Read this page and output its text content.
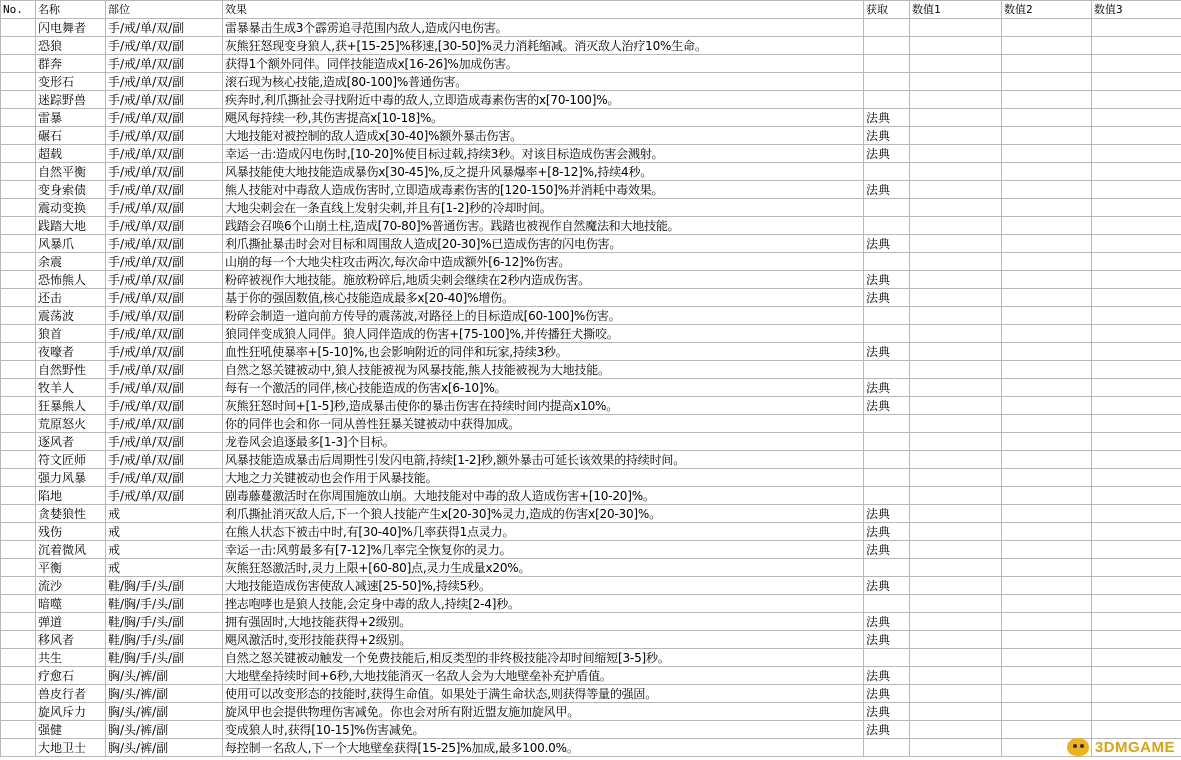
No.	名称	部位	效果	获取	数值1	数值2	数值3
	闪电舞者	手/戒/单/双/副	雷暴暴击生成3个霹雳追寻范围内敌人,造成闪电伤害。				
	恐狼	手/戒/单/双/副	灰熊狂怒现变身狼人,获+[15-25]%移速,[30-50]%灵力消耗缩减。消灭敌人治疗10%生命。				
	群奔	手/戒/单/双/副	获得1个额外同伴。同伴技能造成x[16-26]%加成伤害。				
	变形石	手/戒/单/双/副	滚石现为核心技能,造成[80-100]%普通伤害。				
	迷踪野兽	手/戒/单/双/副	疾奔时,利爪撕扯会寻找附近中毒的敌人,立即造成毒素伤害的x[70-100]%。				
	雷暴	手/戒/单/双/副	飓风每持续一秒,其伤害提高x[10-18]%。	法典			
	碾石	手/戒/单/双/副	大地技能对被控制的敌人造成x[30-40]%额外暴击伤害。	法典			
	超载	手/戒/单/双/副	幸运一击:造成闪电伤时,[10-20]%使目标过载,持续3秒。对该目标造成伤害会溅射。	法典			
	自然平衡	手/戒/单/双/副	风暴技能使大地技能造成暴伤x[30-45]%,反之提升风暴爆率+[8-12]%,持续4秒。				
	变身索债	手/戒/单/双/副	熊人技能对中毒敌人造成伤害时,立即造成毒素伤害的[120-150]%并消耗中毒效果。	法典			
	震动变换	手/戒/单/双/副	大地尖刺会在一条直线上发射尖刺,并且有[1-2]秒的冷却时间。				
	践踏大地	手/戒/单/双/副	践踏会召唤6个山崩土柱,造成[70-80]%普通伤害。践踏也被视作自然魔法和大地技能。				
	风暴爪	手/戒/单/双/副	利爪撕扯暴击时会对目标和周围敌人造成[20-30]%已造成伤害的闪电伤害。	法典			
	余震	手/戒/单/双/副	山崩的每一个大地尖柱攻击两次,每次命中造成额外[6-12]%伤害。				
	恐怖熊人	手/戒/单/双/副	粉碎被视作大地技能。施放粉碎后,地质尖刺会继续在2秒内造成伤害。	法典			
	还击	手/戒/单/双/副	基于你的强固数值,核心技能造成最多x[20-40]%增伤。	法典			
	震荡波	手/戒/单/双/副	粉碎会制造一道向前方传导的震荡波,对路径上的目标造成[60-100]%伤害。				
	狼首	手/戒/单/双/副	狼同伴变成狼人同伴。狼人同伴造成的伤害+[75-100]%,并传播狂犬撕咬。				
	夜嚎者	手/戒/单/双/副	血性狂吼使暴率+[5-10]%,也会影响附近的同伴和玩家,持续3秒。	法典			
	自然野性	手/戒/单/双/副	自然之怒关键被动中,狼人技能被视为风暴技能,熊人技能被视为大地技能。				
	牧羊人	手/戒/单/双/副	每有一个激活的同伴,核心技能造成的伤害x[6-10]%。	法典			
	狂暴熊人	手/戒/单/双/副	灰熊狂怒时间+[1-5]秒,造成暴击使你的暴击伤害在持续时间内提高x10%。	法典			
	荒原怒火	手/戒/单/双/副	你的同伴也会和你一同从兽性狂暴关键被动中获得加成。				
	逐风者	手/戒/单/双/副	龙卷风会追逐最多[1-3]个目标。				
	符文匠师	手/戒/单/双/副	风暴技能造成暴击后周期性引发闪电箭,持续[1-2]秒,额外暴击可延长该效果的持续时间。				
	强力风暴	手/戒/单/双/副	大地之力关键被动也会作用于风暴技能。				
	陷地	手/戒/单/双/副	剧毒藤蔓激活时在你周围施放山崩。大地技能对中毒的敌人造成伤害+[10-20]%。				
	贪婪狼性	戒	利爪撕扯消灭敌人后,下一个狼人技能产生x[20-30]%灵力,造成的伤害x[20-30]%。	法典			
	残伤	戒	在熊人状态下被击中时,有[30-40]%几率获得1点灵力。	法典			
	沉着微风	戒	幸运一击:风剪最多有[7-12]%几率完全恢复你的灵力。	法典			
	平衡	戒	灰熊狂怒激活时,灵力上限+[60-80]点,灵力生成量x20%。				
	流沙	鞋/胸/手/头/副	大地技能造成伤害使敌人减速[25-50]%,持续5秒。	法典			
	暗噬	鞋/胸/手/头/副	挫志咆哮也是狼人技能,会定身中毒的敌人,持续[2-4]秒。				
	弹道	鞋/胸/手/头/副	拥有强固时,大地技能获得+2级别。	法典			
	移风者	鞋/胸/手/头/副	飓风激活时,变形技能获得+2级别。	法典			
	共生	鞋/胸/手/头/副	自然之怒关键被动触发一个免费技能后,相反类型的非终极技能冷却时间缩短[3-5]秒。				
	疗愈石	胸/头/裤/副	大地壁垒持续时间+6秒,大地技能消灭一名敌人会为大地壁垒补充护盾值。	法典			
	兽皮行者	胸/头/裤/副	使用可以改变形态的技能时,获得生命值。如果处于满生命状态,则获得等量的强固。	法典			
	旋风斥力	胸/头/裤/副	旋风甲也会提供物理伤害减免。你也会对所有附近盟友施加旋风甲。	法典			
	强健	胸/头/裤/副	变成狼人时,获得[10-15]%伤害减免。	法典			
	大地卫士	胸/头/裤/副	每控制一名敌人,下一个大地壁垒获得[15-25]%加成,最多100.0%。					3DMGAME
